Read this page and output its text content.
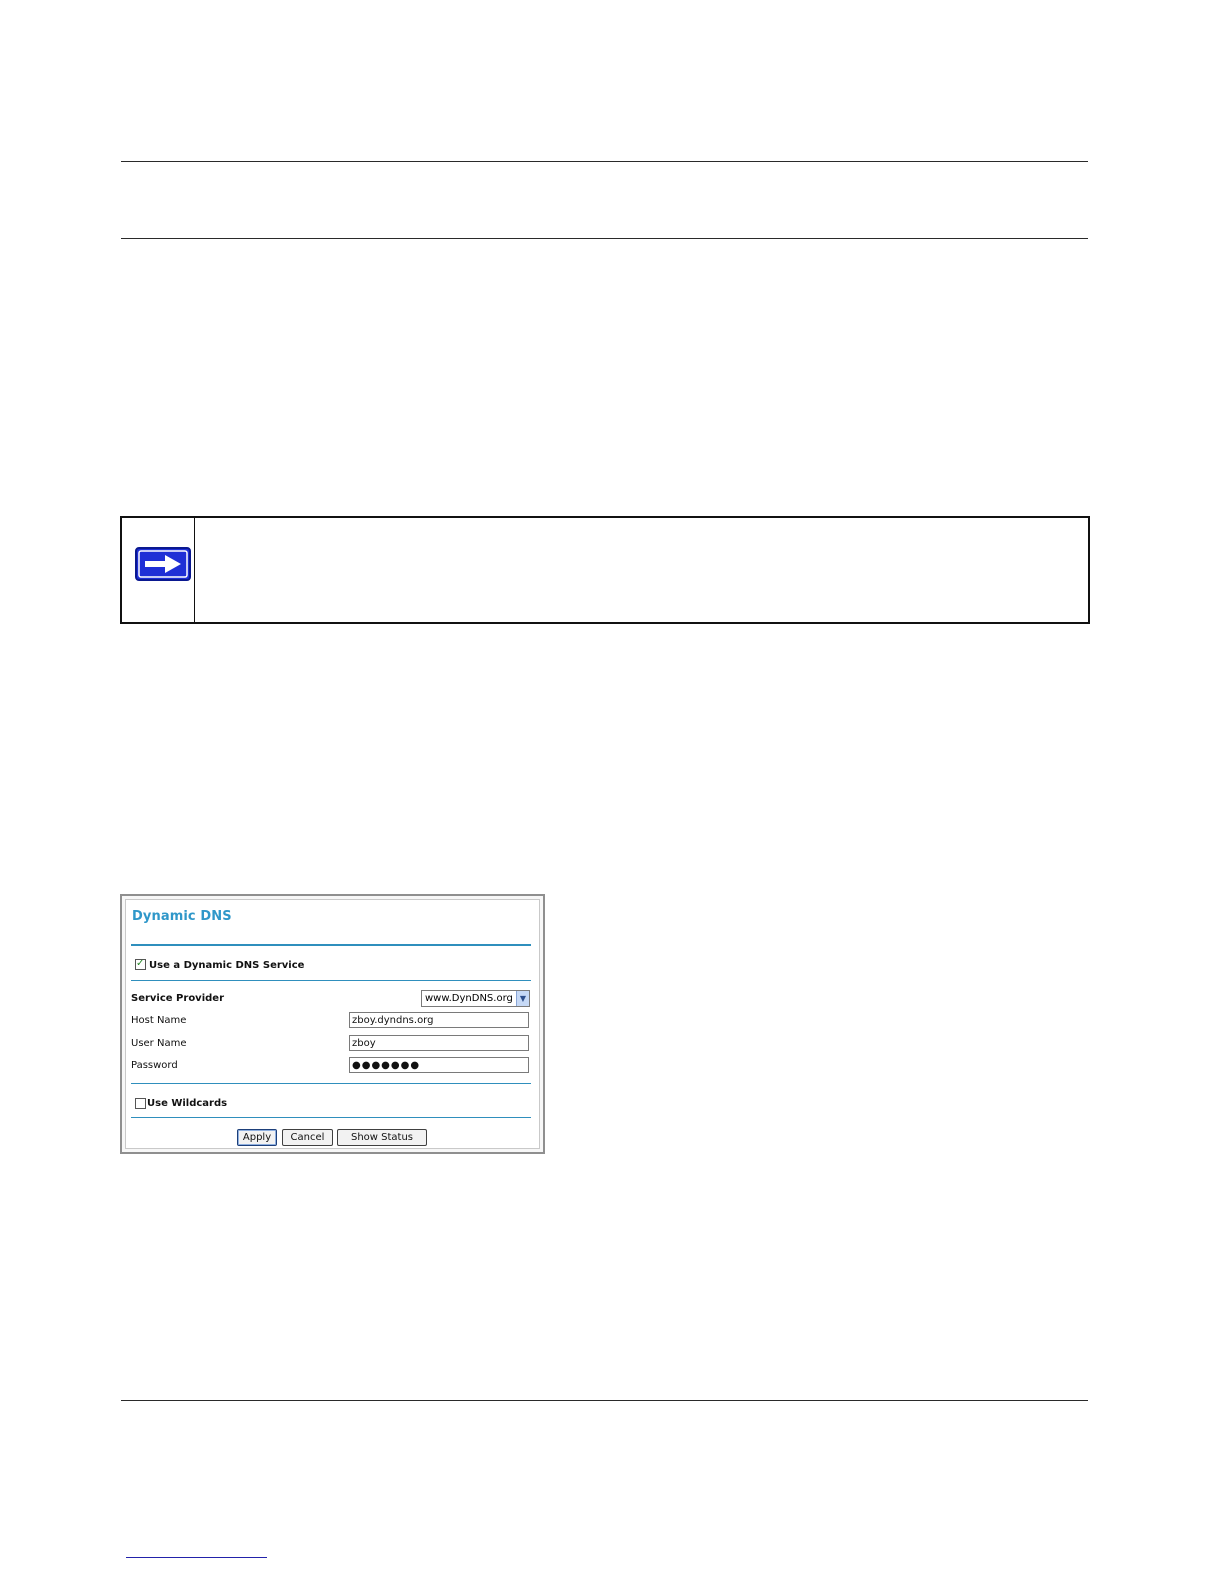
Dynamic DNS
✓ Use a Dynamic DNS Service
Service Provider	www.DynDNS.org ▼
Host Name	zboy.dyndns.org
User Name	zboy
Password	●●●●●●●
Use Wildcards
Apply	Cancel	Show Status
